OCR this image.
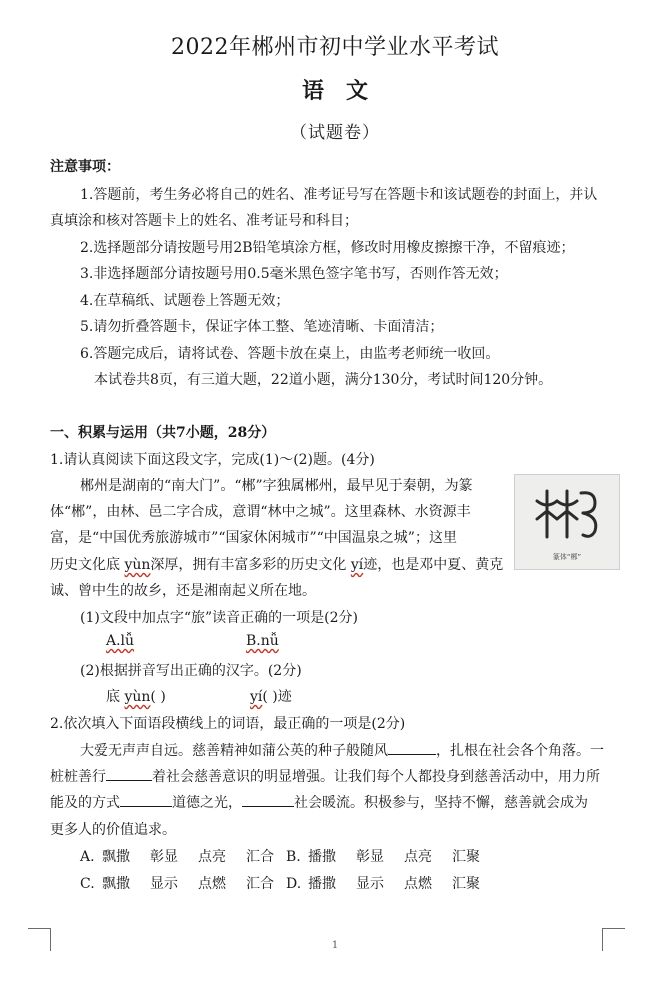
2022年郴州市初中学业水平考试
语文
（试题卷）
注意事项：
1.答题前，考生务必将自己的姓名、准考证号写在答题卡和该试题卷的封面上，并认
真填涂和核对答题卡上的姓名、准考证号和科目；
2.选择题部分请按题号用2B铅笔填涂方框，修改时用橡皮擦擦干净，不留痕迹；
3.非选择题部分请按题号用0.5毫米黑色签字笔书写，否则作答无效；
4.在草稿纸、试题卷上答题无效；
5.请勿折叠答题卡，保证字体工整、笔迹清晰、卡面清洁；
6.答题完成后，请将试卷、答题卡放在桌上，由监考老师统一收回。
本试卷共8页，有三道大题，22道小题，满分130分，考试时间120分钟。
一、积累与运用（共7小题，28分）
1.请认真阅读下面这段文字，完成(1)～(2)题。(4分)
郴州是湖南的“南大门”。“郴”字独属郴州，最早见于秦朝，为篆
体“郴”，由林、邑二字合成，意谓“林中之城”。这里森林、水资源丰
富，是“中国优秀旅游城市”“国家休闲城市”“中国温泉之城”；这里
历史文化底 yùn深厚，拥有丰富多彩的历史文化 yí迹，也是邓中夏、黄克
诚、曾中生的故乡，还是湘南起义所在地。
篆体“郴”
(1)文段中加点字“旅”读音正确的一项是(2分)
A.lǚ	B.nǚ
(2)根据拼音写出正确的汉字。(2分)
底 yùn( )	yí( )迹
2.依次填入下面语段横线上的词语，最正确的一项是(2分)
大爱无声声自远。慈善精神如蒲公英的种子般随风	，扎根在社会各个角落。一
桩桩善行	着社会慈善意识的明显增强。让我们每个人都投身到慈善活动中，用力所
能及的方式	道德之光，	社会暖流。积极参与，坚持不懈，慈善就会成为
更多人的价值追求。
A. 飘撒 彰显 点亮 汇合 B. 播撒 彰显 点亮 汇聚
C. 飘撒 显示 点燃 汇合 D. 播撒 显示 点燃 汇聚
1
